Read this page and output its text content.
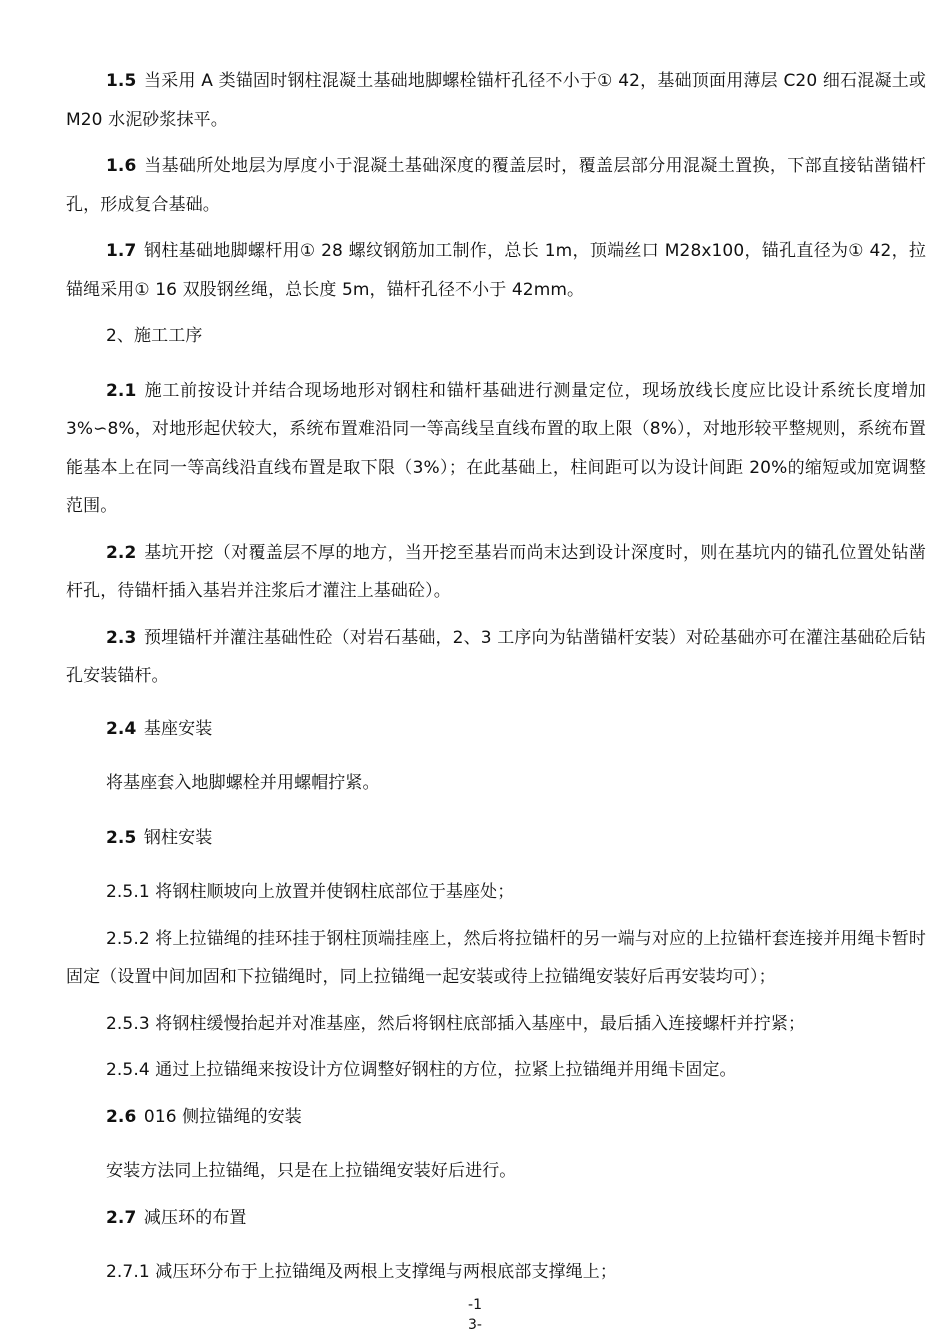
1.5 当采用 A 类锚固时钢柱混凝土基础地脚螺栓锚杆孔径不小于① 42，基础顶面用薄层 C20 细石混凝土或 M20 水泥砂浆抹平。

1.6 当基础所处地层为厚度小于混凝土基础深度的覆盖层时，覆盖层部分用混凝土置换，下部直接钻凿锚杆孔，形成复合基础。

1.7 钢柱基础地脚螺杆用① 28 螺纹钢筋加工制作，总长 1m，顶端丝口 M28x100，锚孔直径为① 42，拉锚绳采用① 16 双股钢丝绳，总长度 5m，锚杆孔径不小于 42mm。

2、施工工序

2.1 施工前按设计并结合现场地形对钢柱和锚杆基础进行测量定位，现场放线长度应比设计系统长度增加 3%∽8%，对地形起伏较大，系统布置难沿同一等高线呈直线布置的取上限（8%），对地形较平整规则，系统布置能基本上在同一等高线沿直线布置是取下限（3%）；在此基础上，柱间距可以为设计间距 20%的缩短或加宽调整范围。

2.2 基坑开挖（对覆盖层不厚的地方，当开挖至基岩而尚末达到设计深度时，则在基坑内的锚孔位置处钻凿杆孔，待锚杆插入基岩并注浆后才灌注上基础砼）。

2.3 预埋锚杆并灌注基础性砼（对岩石基础，2、3 工序向为钻凿锚杆安装）对砼基础亦可在灌注基础砼后钻孔安装锚杆。

2.4 基座安装

将基座套入地脚螺栓并用螺帽拧紧。

2.5 钢柱安装

2.5.1 将钢柱顺坡向上放置并使钢柱底部位于基座处；

2.5.2 将上拉锚绳的挂环挂于钢柱顶端挂座上，然后将拉锚杆的另一端与对应的上拉锚杆套连接并用绳卡暂时固定（设置中间加固和下拉锚绳时，同上拉锚绳一起安装或待上拉锚绳安装好后再安装均可）；

2.5.3 将钢柱缓慢抬起并对准基座，然后将钢柱底部插入基座中，最后插入连接螺杆并拧紧；

2.5.4 通过上拉锚绳来按设计方位调整好钢柱的方位，拉紧上拉锚绳并用绳卡固定。

2.6 016 侧拉锚绳的安装

安装方法同上拉锚绳，只是在上拉锚绳安装好后进行。

2.7 减压环的布置

2.7.1 减压环分布于上拉锚绳及两根上支撑绳与两根底部支撑绳上；

-1
3-
